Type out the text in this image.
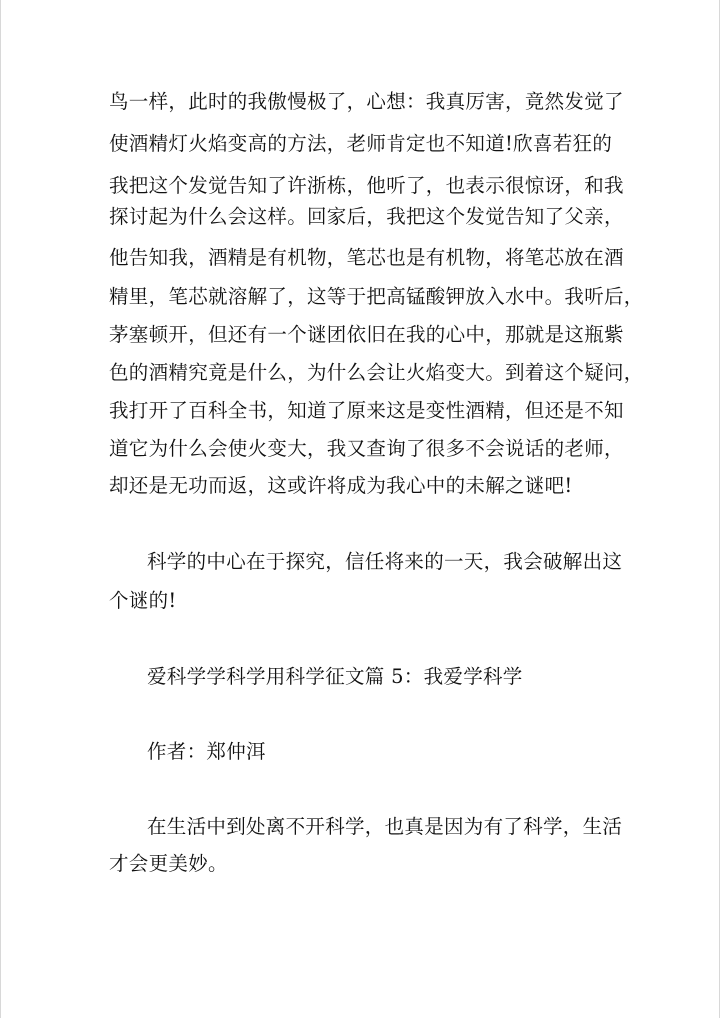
鸟一样，此时的我傲慢极了，心想：我真厉害，竟然发觉了
使酒精灯火焰变高的方法，老师肯定也不知道!欣喜若狂的
我把这个发觉告知了许浙栋，他听了，也表示很惊讶，和我
探讨起为什么会这样。回家后，我把这个发觉告知了父亲，
他告知我，酒精是有机物，笔芯也是有机物，将笔芯放在酒
精里，笔芯就溶解了，这等于把高锰酸钾放入水中。我听后，
茅塞顿开，但还有一个谜团依旧在我的心中，那就是这瓶紫
色的酒精究竟是什么，为什么会让火焰变大。到着这个疑问，
我打开了百科全书，知道了原来这是变性酒精，但还是不知
道它为什么会使火变大，我又查询了很多不会说话的老师，
却还是无功而返，这或许将成为我心中的未解之谜吧!
科学的中心在于探究，信任将来的一天，我会破解出这
个谜的!
爱科学学科学用科学征文篇 5：我爱学科学
作者：郑仲洱
在生活中到处离不开科学，也真是因为有了科学，生活
才会更美妙。
